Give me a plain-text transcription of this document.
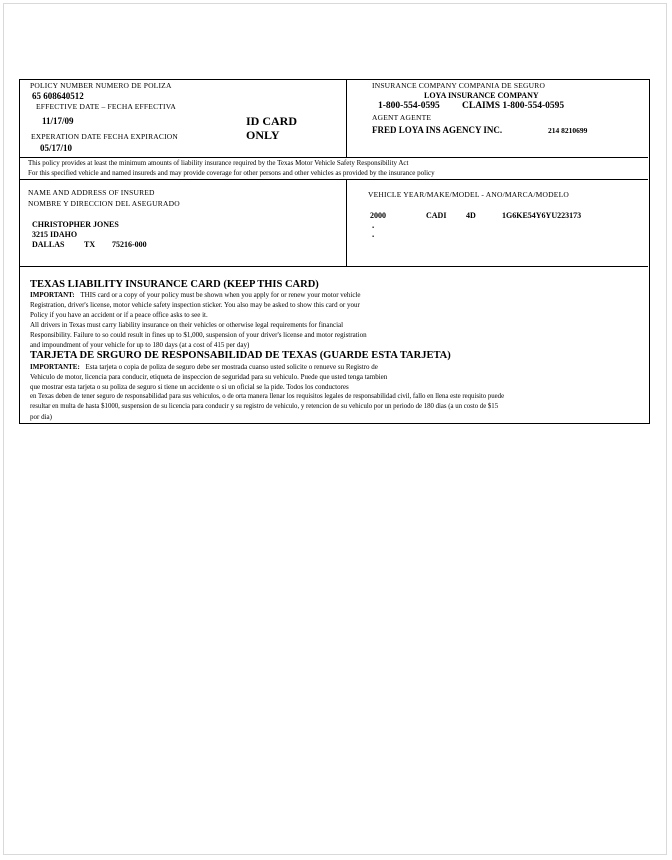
POLICY NUMBER NUMERO DE POLIZA
65 608640512
EFFECTIVE DATE – FECHA EFFECTIVA
11/17/09
EXPERATION DATE FECHA EXPIRACION
05/17/10
ID CARD
ONLY
INSURANCE COMPANY COMPANIA DE SEGURO
LOYA INSURANCE COMPANY
1-800-554-0595 CLAIMS 1-800-554-0595
AGENT AGENTE
FRED LOYA INS AGENCY INC.	214 8210699
This policy provides at least the minimum amounts of liability insurance required by the Texas Motor Vehicle Safety Responsibility Act
For this specified vehicle and named insureds and may provide coverage for other persons and other vehicles as provided by the insurance policy
NAME AND ADDRESS OF INSURED
NOMBRE Y DIRECCION DEL ASEGURADO
CHRISTOPHER JONES
3215 IDAHO
DALLAS TX 75216-000
VEHICLE YEAR/MAKE/MODEL - ANO/MARCA/MODELO
2000	CADI 4D	1G6KE54Y6YU223173
.
.
TEXAS LIABILITY INSURANCE CARD (KEEP THIS CARD)
IMPORTANT: THIS card or a copy of your policy must be shown when you apply for or renew your motor vehicle
Registration, driver's license, motor vehicle safety inspection sticker. You also may be asked to show this card or your
Policy if you have an accident or if a peace office asks to see it.
All drivers in Texas must carry liability insurance on their vehicles or otherwise legal requirements for financial
Responsibility. Failure to so could result in fines up to $1,000, suspension of your driver's license and motor registration
and impoundment of your vehicle for up to 180 days (at a cost of 415 per day)
TARJETA DE SRGURO DE RESPONSABILIDAD DE TEXAS (GUARDE ESTA TARJETA)
IMPORTANTE: Esta tarjeta o copia de poliza de seguro debe ser mostrada cuanso usted solicite o renueve su Registro de
Vehiculo de motor, licencia para conducir, etiqueta de inspeccion de seguridad para su vehiculo. Puede que usted tenga tambien
que mostrar esta tarjeta o su poliza de seguro si tiene un accidente o si un oficial se la pide. Todos los conductores
en Texas deben de tener seguro de responsabilidad para sus vehiculos, o de orta manera llenar los requisitos legales de responsabilidad civil, fallo en llena este requisito puede
resultar en multa de hasta $1000, suspension de su licencia para conducir y su registro de vehiculo, y retencion de su vehiculo por un periodo de 180 dias (a un costo de $15
por dia)
